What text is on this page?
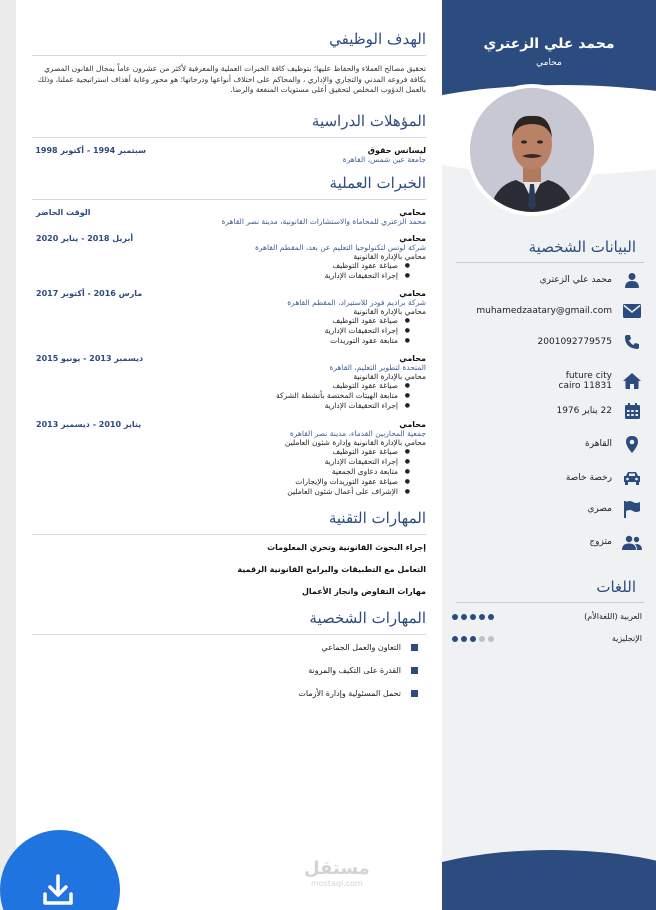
الهدف الوظيفي

تحقيق مصالح العملاء والحفاظ عليها؛ بتوظيف كافة الخبرات العملية والمعرفية لأكثر من عشرون عاماً بمجال القانون المصري بكافة فروعه المدني والتجاري والإداري ، والمحاكم على اختلاف أنواعها ودرجاتها؛ هو محور وغاية أهداف استراتيجية عملنا، وذلك بالعمل الدؤوب المخلص لتحقيق أعلى مستويات المنفعة والرضا.

المؤهلات الدراسية
ليسانس حقوق
جامعة عين شمس، القاهرة
سبتمبر 1994 - أكتوبر 1998
الخبرات العملية
محامي
محمد الزعتري للمحاماة والاستشارات القانونية، مدينة نصر القاهرة
الوقت الحاضر
محامي
شركة لوتس لتكنولوجيا التعليم عن بعد، المقطم القاهرة
محامي بالإدارة القانونية
● صياغة عقود التوظيف
● إجراء التحقيقات الإدارية
أبريل 2018 - يناير 2020
محامي
شركة براديم فودز للاستيراد، المقطم القاهرة
محامي بالإدارة القانونية
● صياغة عقود التوظيف
● إجراء التحقيقات الإدارية
● متابعة عقود التوريدات
مارس 2016 - أكتوبر 2017
محامي
المتحدة لتطوير التعليم، القاهرة
محامي بالإدارة القانونية
● صياغة عقود التوظيف
● متابعة الهيئات المختصة بأنشطة الشركة
● إجراء التحقيقات الإدارية
ديسمبر 2013 - يونيو 2015
محامي
جمعية المحاربين القدماء، مدينة نصر القاهرة
محامي بالإدارة القانونية وإدارة شئون العاملين
● صياغة عقود التوظيف
● إجراء التحقيقات الإدارية
● متابعة دعاوى الجمعية
● صياغة عقود التوريدات والإيجارات
● الإشراف على أعمال شئون العاملين
يناير 2010 - ديسمبر 2013
المهارات التقنية
إجراء البحوث القانونية وتحري المعلومات
التعامل مع التطبيقات والبرامج القانونية الرقمية
مهارات التفاوض وانجاز الأعمال
المهارات الشخصية
التعاون والعمل الجماعي
القدرة على التكيف والمرونة
تحمل المسئولية وإدارة الأزمات
محمد علي الزعتري
محامي
البيانات الشخصية
محمد علي الزعتري
muhamedzaatary@gmail.com
2001092779575
future city
11831 cairo
22 يناير 1976
القاهرة
رخصة خاصة
مصري
متزوج
اللغات
العربية (اللغةالأم)
الإنجليزية
مستقل
mostaql.com
